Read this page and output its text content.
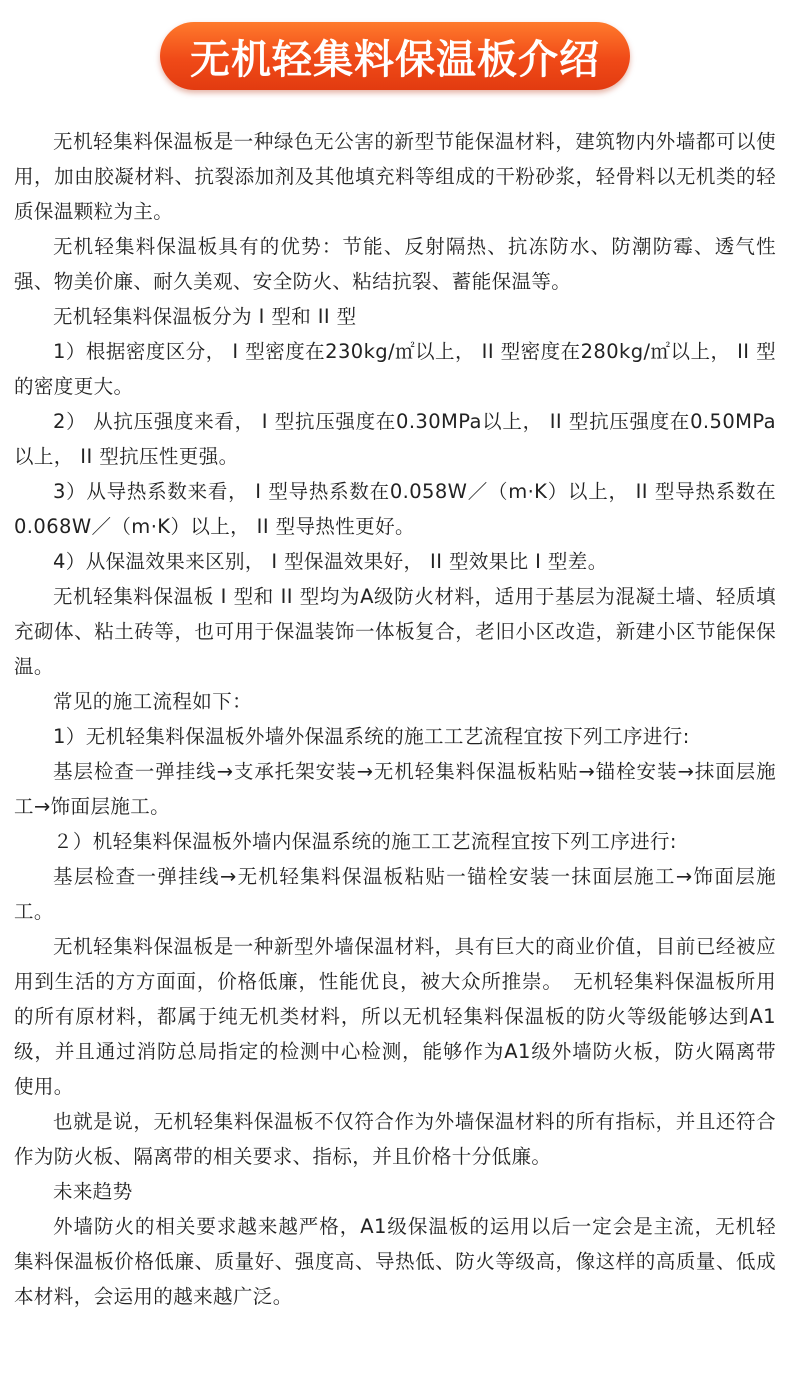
无机轻集料保温板介绍

无机轻集料保温板是一种绿色无公害的新型节能保温材料，建筑物内外墙都可以使用，加由胶凝材料、抗裂添加剂及其他填充料等组成的干粉砂浆，轻骨料以无机类的轻质保温颗粒为主。

无机轻集料保温板具有的优势：节能、反射隔热、抗冻防水、防潮防霉、透气性强、物美价廉、耐久美观、安全防火、粘结抗裂、蓄能保温等。

无机轻集料保温板分为 I 型和 II 型

1）根据密度区分， I 型密度在230kg/㎡以上， II 型密度在280kg/㎡以上， II 型的密度更大。

2） 从抗压强度来看， I 型抗压强度在0.30MPa以上， II 型抗压强度在0.50MPa以上， II 型抗压性更强。

3）从导热系数来看， I 型导热系数在0.058W／（m·K）以上， II 型导热系数在0.068W／（m·K）以上， II 型导热性更好。

4）从保温效果来区别， I 型保温效果好， II 型效果比 I 型差。

无机轻集料保温板 I 型和 II 型均为A级防火材料，适用于基层为混凝土墙、轻质填充砌体、粘土砖等，也可用于保温装饰一体板复合，老旧小区改造，新建小区节能保保温。

常见的施工流程如下：

1）无机轻集料保温板外墙外保温系统的施工工艺流程宜按下列工序进行:

基层检查一弹挂线→支承托架安装→无机轻集料保温板粘贴→锚栓安装→抹面层施工→饰面层施工。

２）机轻集料保温板外墙内保温系统的施工工艺流程宜按下列工序进行:

基层检查一弹挂线→无机轻集料保温板粘贴一锚栓安装一抹面层施工→饰面层施工。

无机轻集料保温板是一种新型外墙保温材料，具有巨大的商业价值，目前已经被应用到生活的方方面面，价格低廉，性能优良，被大众所推崇。　无机轻集料保温板所用的所有原材料，都属于纯无机类材料，所以无机轻集料保温板的防火等级能够达到A1级，并且通过消防总局指定的检测中心检测，能够作为A1级外墙防火板，防火隔离带使用。

也就是说，无机轻集料保温板不仅符合作为外墙保温材料的所有指标，并且还符合作为防火板、隔离带的相关要求、指标，并且价格十分低廉。

未来趋势

外墙防火的相关要求越来越严格，A1级保温板的运用以后一定会是主流，无机轻集料保温板价格低廉、质量好、强度高、导热低、防火等级高，像这样的高质量、低成本材料，会运用的越来越广泛。
